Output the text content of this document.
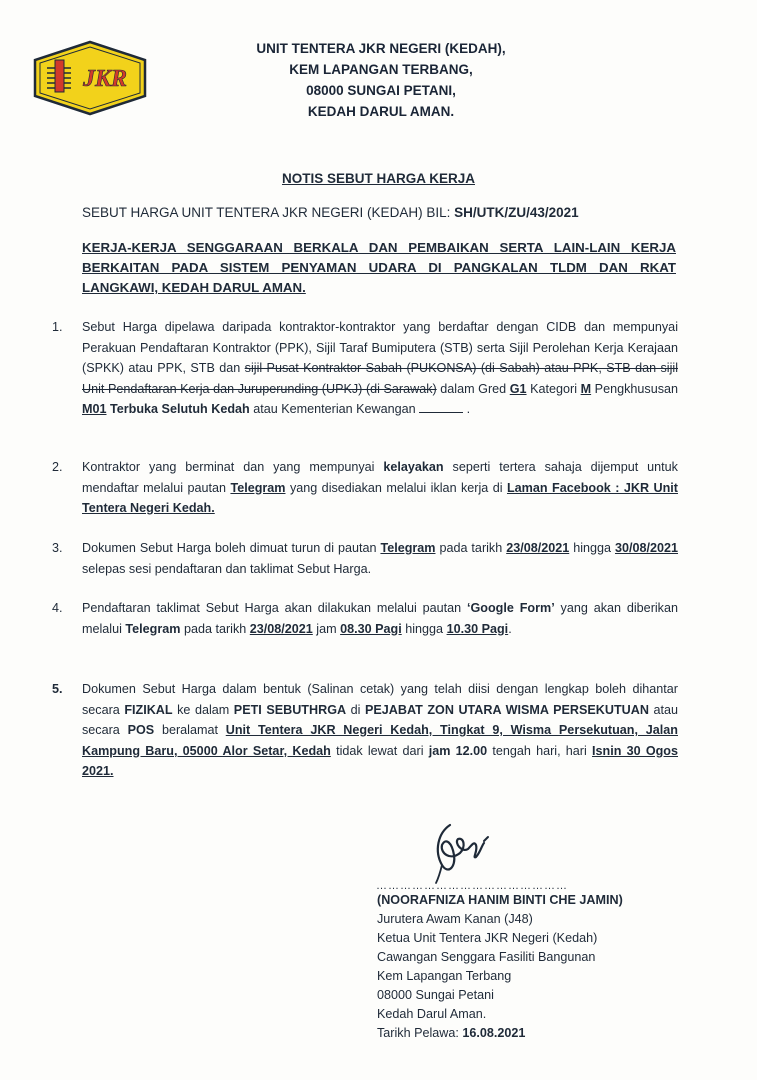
JKR
UNIT TENTERA JKR NEGERI (KEDAH),
KEM LAPANGAN TERBANG,
08000 SUNGAI PETANI,
KEDAH DARUL AMAN.
NOTIS SEBUT HARGA KERJA
SEBUT HARGA UNIT TENTERA JKR NEGERI (KEDAH) BIL: SH/UTK/ZU/43/2021
KERJA-KERJA SENGGARAAN BERKALA DAN PEMBAIKAN SERTA LAIN-LAIN KERJA
BERKAITAN PADA SISTEM PENYAMAN UDARA DI PANGKALAN TLDM DAN RKAT
LANGKAWI, KEDAH DARUL AMAN.
1.	Sebut Harga dipelawa daripada kontraktor-kontraktor yang berdaftar dengan CIDB dan mempunyai Perakuan Pendaftaran Kontraktor (PPK), Sijil Taraf Bumiputera (STB) serta Sijil Perolehan Kerja Kerajaan (SPKK) atau PPK, STB dan sijil Pusat Kontraktor Sabah (PUKONSA) (di Sabah) atau PPK, STB dan sijil Unit Pendaftaran Kerja dan Juruperunding (UPKJ) (di Sarawak) dalam Gred G1 Kategori M Pengkhususan M01 Terbuka Selutuh Kedah atau Kementerian Kewangan	.
2.	Kontraktor yang berminat dan yang mempunyai kelayakan seperti tertera sahaja dijemput untuk mendaftar melalui pautan Telegram yang disediakan melalui iklan kerja di Laman Facebook : JKR Unit Tentera Negeri Kedah.
3.	Dokumen Sebut Harga boleh dimuat turun di pautan Telegram pada tarikh 23/08/2021 hingga 30/08/2021 selepas sesi pendaftaran dan taklimat Sebut Harga.
4.	Pendaftaran taklimat Sebut Harga akan dilakukan melalui pautan ‘Google Form’ yang akan diberikan melalui Telegram pada tarikh 23/08/2021 jam 08.30 Pagi hingga 10.30 Pagi.
5.	Dokumen Sebut Harga dalam bentuk (Salinan cetak) yang telah diisi dengan lengkap boleh dihantar secara FIZIKAL ke dalam PETI SEBUTHRGA di PEJABAT ZON UTARA WISMA PERSEKUTUAN atau secara POS beralamat Unit Tentera JKR Negeri Kedah, Tingkat 9, Wisma Persekutuan, Jalan Kampung Baru, 05000 Alor Setar, Kedah tidak lewat dari jam 12.00 tengah hari, hari Isnin 30 Ogos 2021.
…………………………………………
(NOORAFNIZA HANIM BINTI CHE JAMIN)
Jurutera Awam Kanan (J48)
Ketua Unit Tentera JKR Negeri (Kedah)
Cawangan Senggara Fasiliti Bangunan
Kem Lapangan Terbang
08000 Sungai Petani
Kedah Darul Aman.
Tarikh Pelawa: 16.08.2021
